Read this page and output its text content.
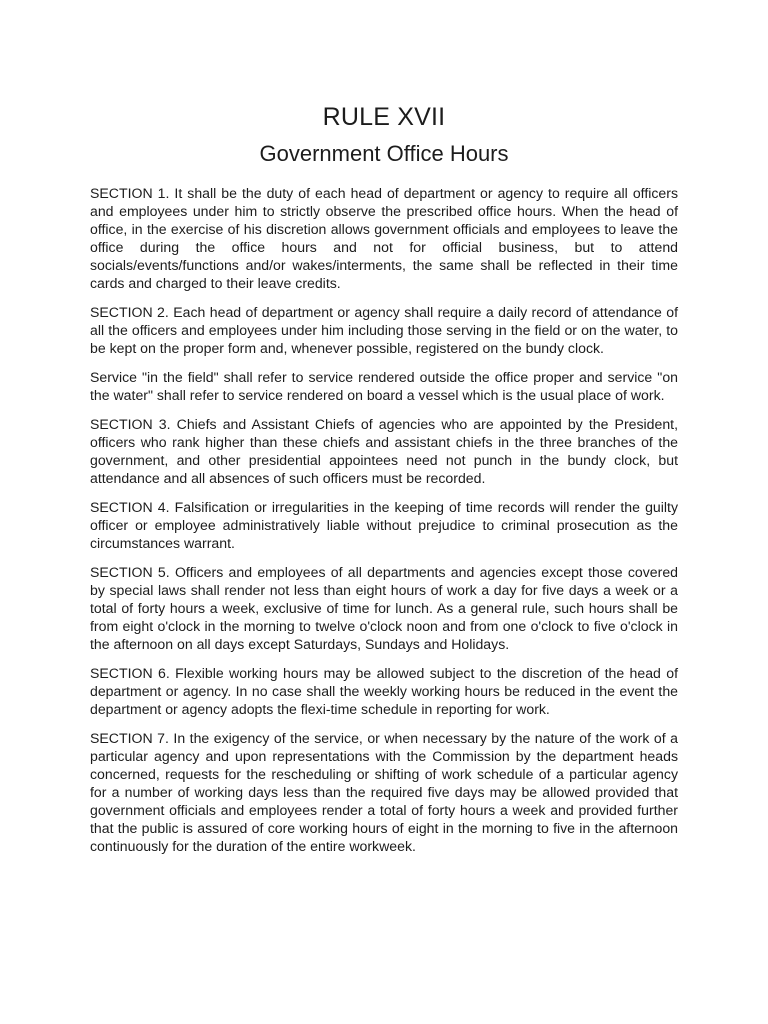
RULE XVII
Government Office Hours

SECTION 1. It shall be the duty of each head of department or agency to require all officers and employees under him to strictly observe the prescribed office hours. When the head of office, in the exercise of his discretion allows government officials and employees to leave the office during the office hours and not for official business, but to attend socials/events/functions and/or wakes/interments, the same shall be reflected in their time cards and charged to their leave credits.

SECTION 2. Each head of department or agency shall require a daily record of attendance of all the officers and employees under him including those serving in the field or on the water, to be kept on the proper form and, whenever possible, registered on the bundy clock.

Service "in the field" shall refer to service rendered outside the office proper and service "on the water" shall refer to service rendered on board a vessel which is the usual place of work.

SECTION 3. Chiefs and Assistant Chiefs of agencies who are appointed by the President, officers who rank higher than these chiefs and assistant chiefs in the three branches of the government, and other presidential appointees need not punch in the bundy clock, but attendance and all absences of such officers must be recorded.

SECTION 4. Falsification or irregularities in the keeping of time records will render the guilty officer or employee administratively liable without prejudice to criminal prosecution as the circumstances warrant.

SECTION 5. Officers and employees of all departments and agencies except those covered by special laws shall render not less than eight hours of work a day for five days a week or a total of forty hours a week, exclusive of time for lunch. As a general rule, such hours shall be from eight o'clock in the morning to twelve o'clock noon and from one o'clock to five o'clock in the afternoon on all days except Saturdays, Sundays and Holidays.

SECTION 6. Flexible working hours may be allowed subject to the discretion of the head of department or agency. In no case shall the weekly working hours be reduced in the event the department or agency adopts the flexi-time schedule in reporting for work.

SECTION 7. In the exigency of the service, or when necessary by the nature of the work of a particular agency and upon representations with the Commission by the department heads concerned, requests for the rescheduling or shifting of work schedule of a particular agency for a number of working days less than the required five days may be allowed provided that government officials and employees render a total of forty hours a week and provided further that the public is assured of core working hours of eight in the morning to five in the afternoon continuously for the duration of the entire workweek.
